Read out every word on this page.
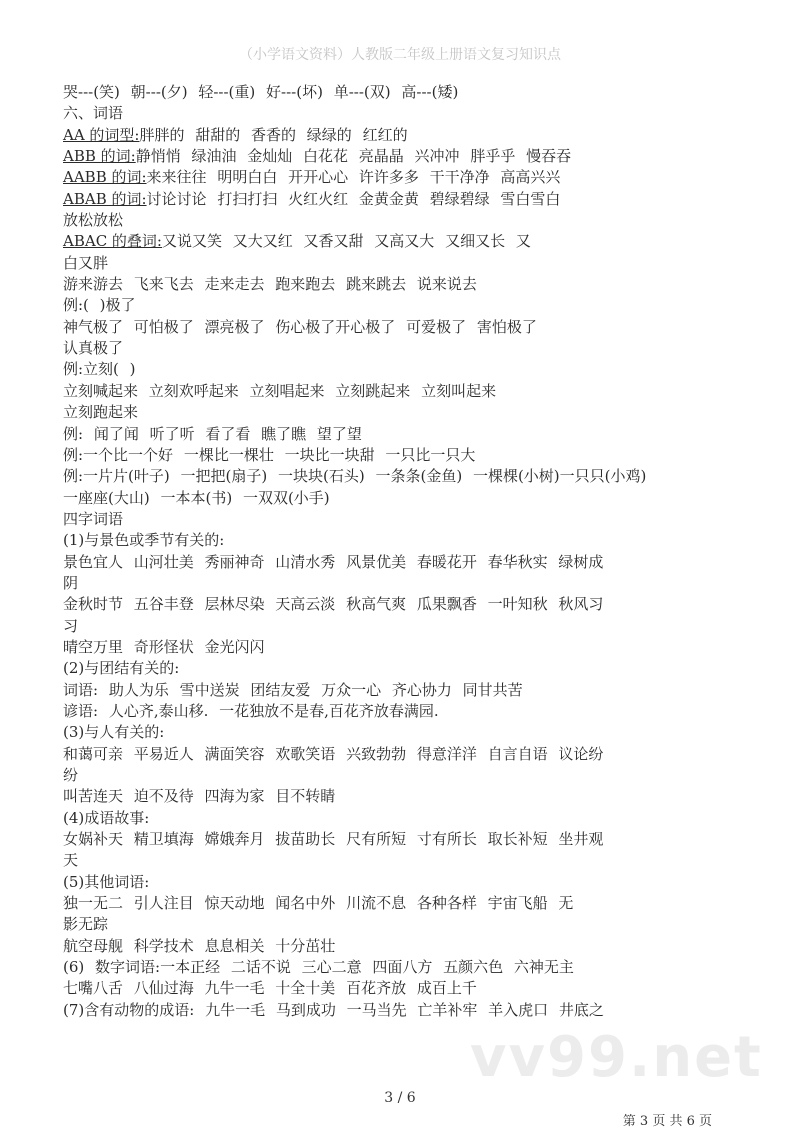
（小学语文资料）人教版二年级上册语文复习知识点
vv99.net
哭---(笑) 朝---(夕) 轻---(重) 好---(坏) 单---(双) 高---(矮)
六、词语
AA 的词型:胖胖的 甜甜的 香香的 绿绿的 红红的
ABB 的词:静悄悄 绿油油 金灿灿 白花花 亮晶晶 兴冲冲 胖乎乎 慢吞吞
AABB 的词:来来往往 明明白白 开开心心 许许多多 干干净净 高高兴兴
ABAB 的词:讨论讨论 打扫打扫 火红火红 金黄金黄 碧绿碧绿 雪白雪白
放松放松
ABAC 的叠词:又说又笑 又大又红 又香又甜 又高又大 又细又长 又
白又胖
游来游去 飞来飞去 走来走去 跑来跑去 跳来跳去 说来说去
例:( )极了
神气极了 可怕极了 漂亮极了 伤心极了开心极了 可爱极了 害怕极了
认真极了
例:立刻( )
立刻喊起来 立刻欢呼起来 立刻唱起来 立刻跳起来 立刻叫起来
立刻跑起来
例: 闻了闻 听了听 看了看 瞧了瞧 望了望
例:一个比一个好 一棵比一棵壮 一块比一块甜 一只比一只大
例:一片片(叶子) 一把把(扇子) 一块块(石头) 一条条(金鱼) 一棵棵(小树)一只只(小鸡)
一座座(大山) 一本本(书) 一双双(小手)
四字词语
(1)与景色或季节有关的:
景色宜人 山河壮美 秀丽神奇 山清水秀 风景优美 春暖花开 春华秋实 绿树成
阴
金秋时节 五谷丰登 层林尽染 天高云淡 秋高气爽 瓜果飘香 一叶知秋 秋风习
习
晴空万里 奇形怪状 金光闪闪
(2)与团结有关的:
词语: 助人为乐 雪中送炭 团结友爱 万众一心 齐心协力 同甘共苦
谚语: 人心齐,泰山移. 一花独放不是春,百花齐放春满园.
(3)与人有关的:
和蔼可亲 平易近人 满面笑容 欢歌笑语 兴致勃勃 得意洋洋 自言自语 议论纷
纷
叫苦连天 迫不及待 四海为家 目不转睛
(4)成语故事:
女娲补天 精卫填海 嫦娥奔月 拔苗助长 尺有所短 寸有所长 取长补短 坐井观
天
(5)其他词语:
独一无二 引人注目 惊天动地 闻名中外 川流不息 各种各样 宇宙飞船 无
影无踪
航空母舰 科学技术 息息相关 十分茁壮
(6) 数字词语:一本正经 二话不说 三心二意 四面八方 五颜六色 六神无主
七嘴八舌 八仙过海 九牛一毛 十全十美 百花齐放 成百上千
(7)含有动物的成语: 九牛一毛 马到成功 一马当先 亡羊补牢 羊入虎口 井底之
3 / 6
第 3 页 共 6 页
